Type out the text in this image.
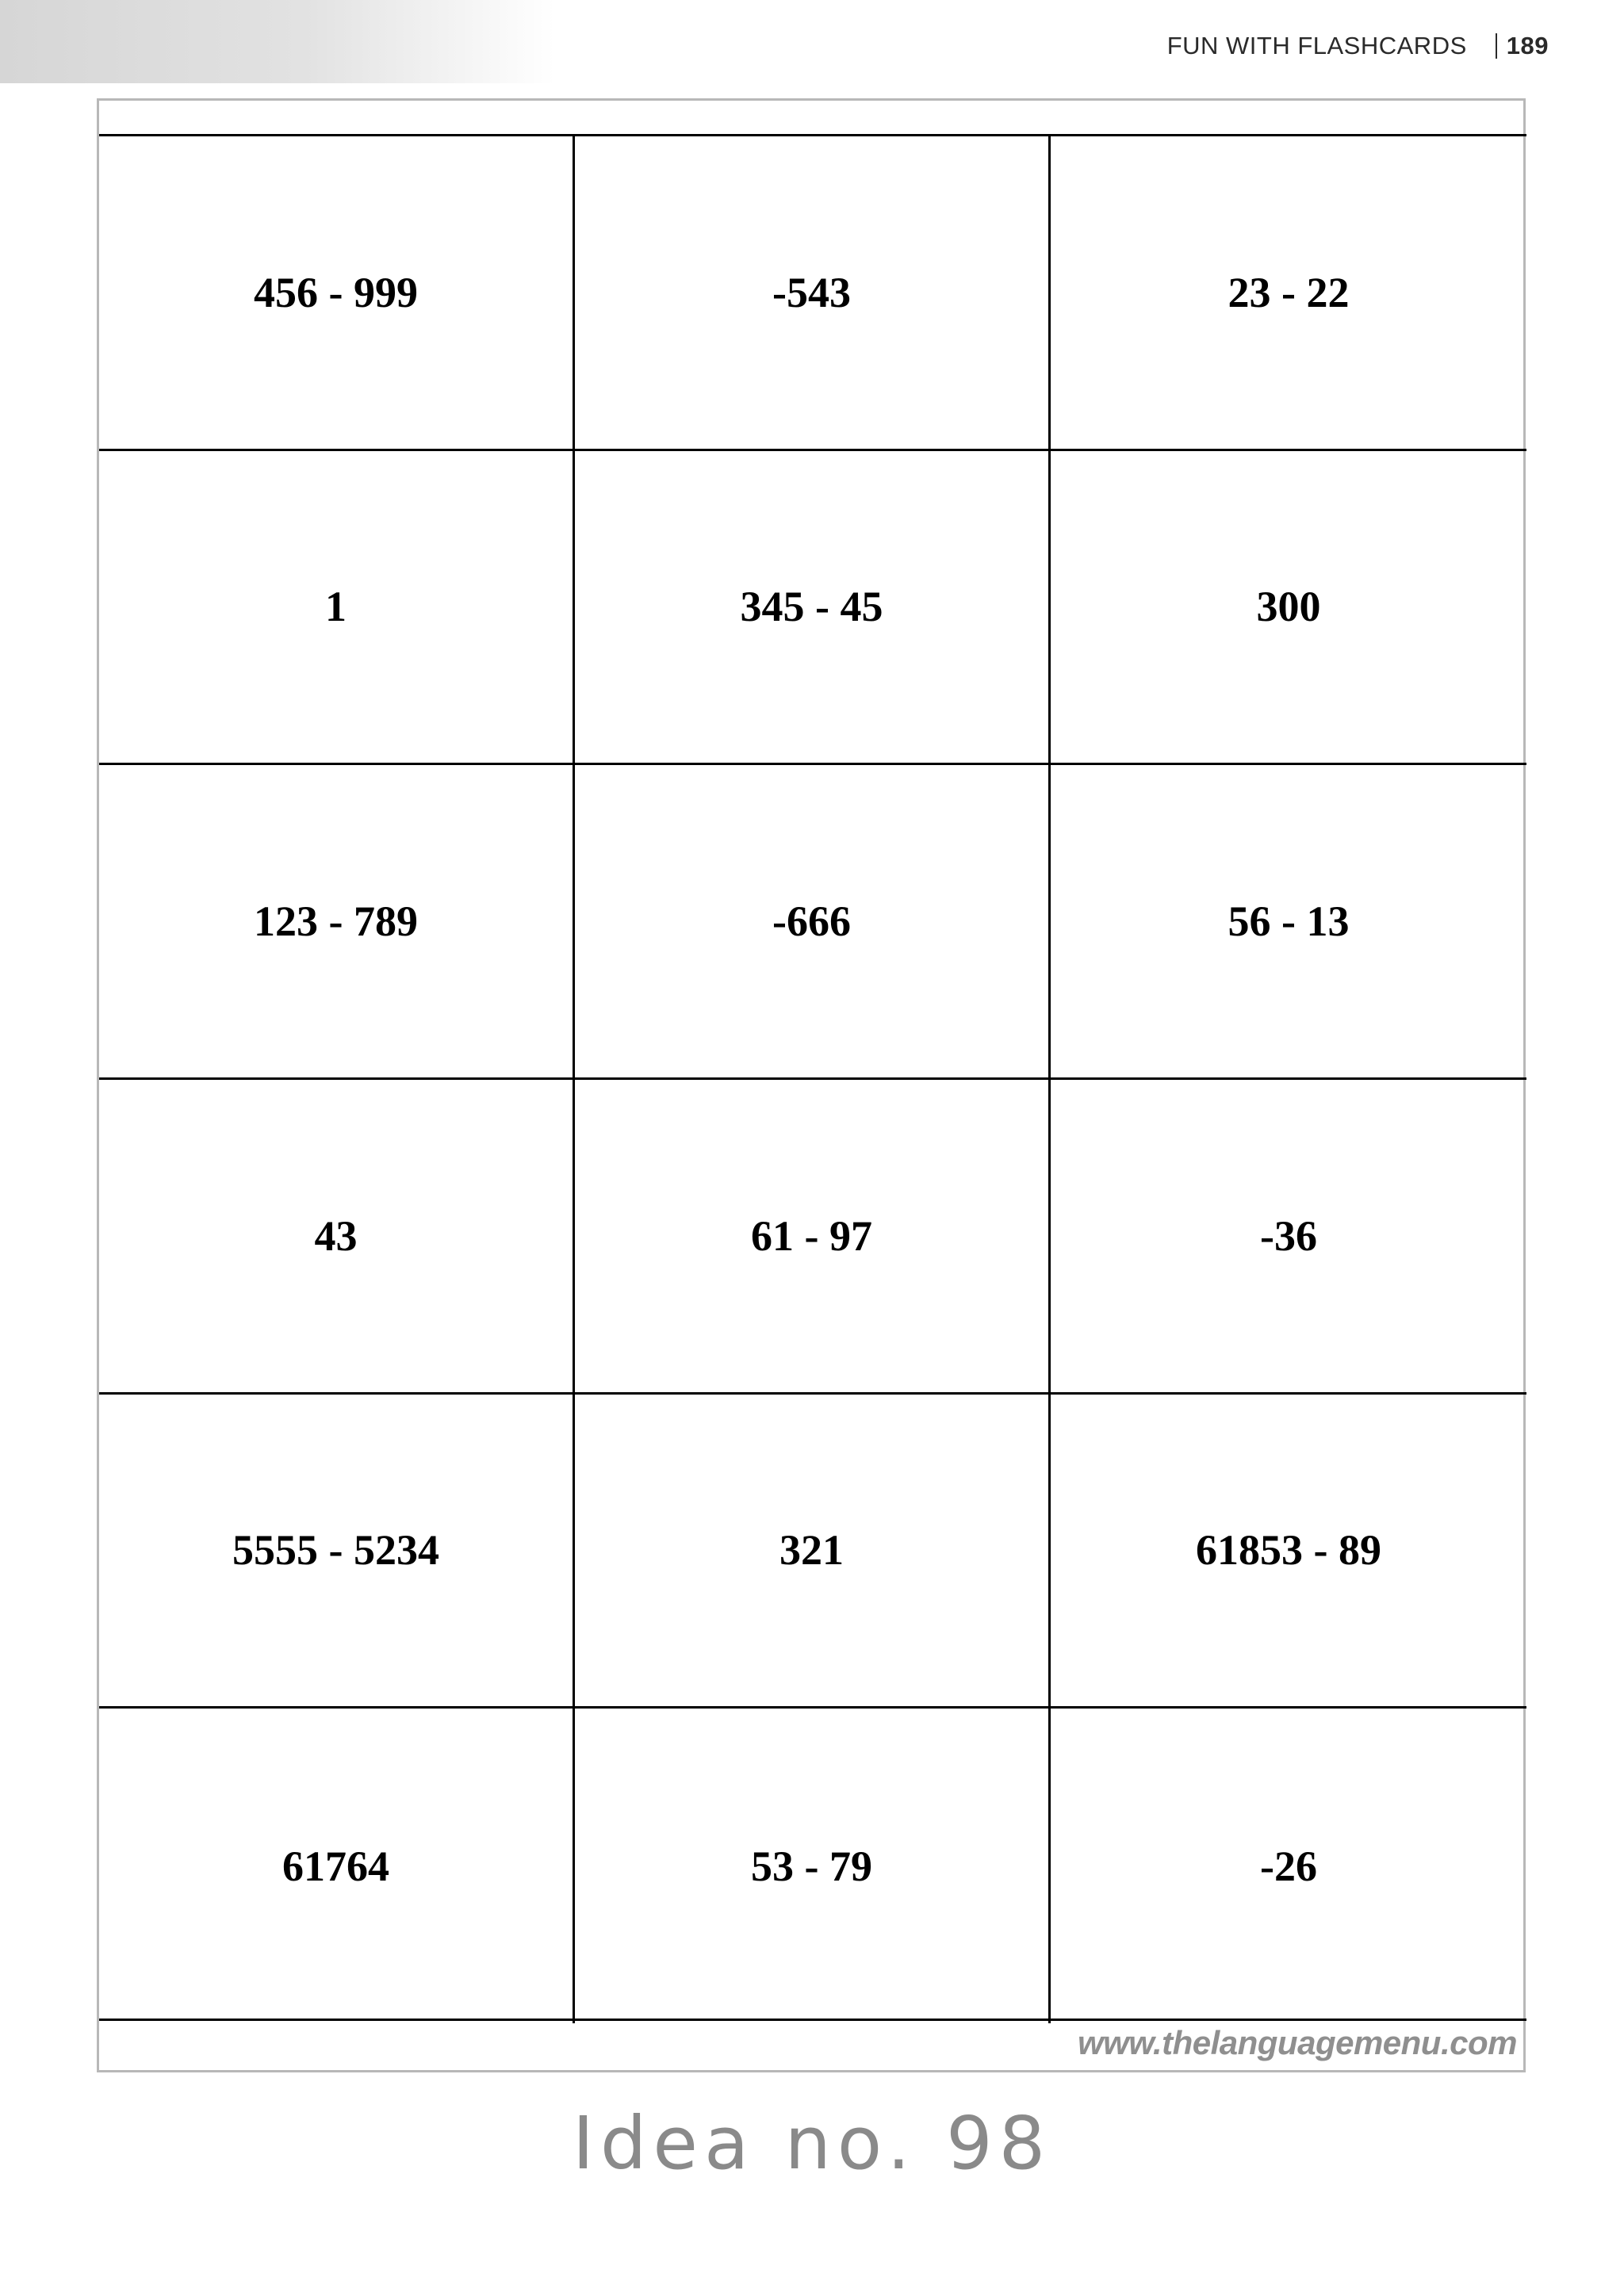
FUN WITH FLASHCARDS 189
456 - 999	-543	23 - 22
1	345 - 45	300
123 - 789	-666	56 - 13
43	61 - 97	-36
5555 - 5234	321	61853 - 89
61764	53 - 79	-26
www.thelanguagemenu.com
Idea no. 98
